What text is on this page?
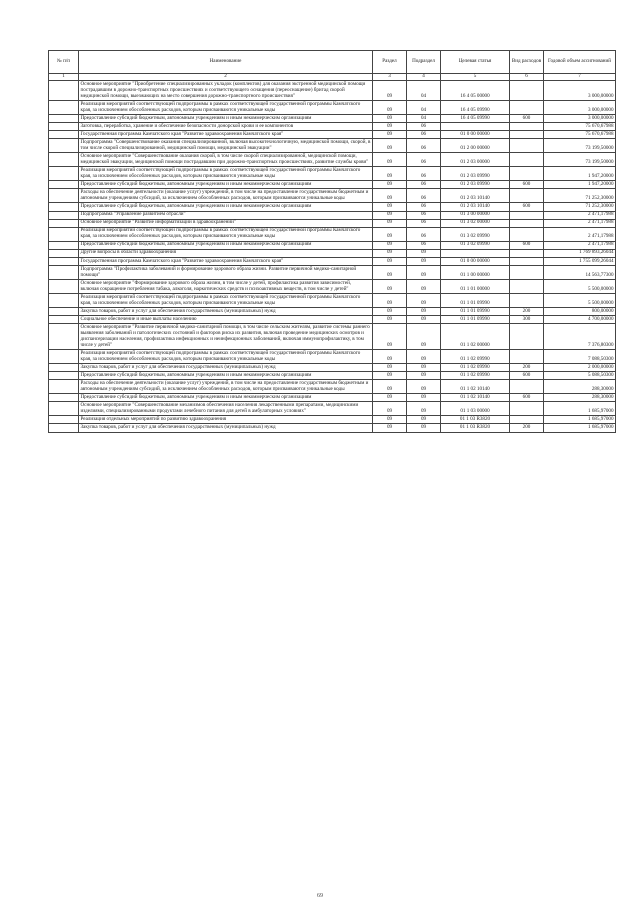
№ п/п	Наименование	Раздел	Подраздел	Целевая статья	Вид расходов	Годовой объем ассигнований
1	2	3	4	5	6	7
	Основное мероприятие "Приобретение специализированных укладок (комплектов) для оказания экстренной медицинской помощи пострадавшим в дорожно-транспортных происшествиях и соответствующего оснащения (переоснащение) бригад скорой медицинской помощи, выезжающих на место совершения дорожно-транспортного происшествия"	09	04	16 4 05 00000		3 000,00000
	Реализация мероприятий соответствующей подпрограммы в рамках соответствующей государственной программы Камчатского края, за исключением обособленных расходов, которым присваиваются уникальные коды	09	04	16 4 05 09990		3 000,00000
	Предоставление субсидий бюджетным, автономным учреждениям и иным некоммерческим организациям	09	04	16 4 05 09990	600	3 000,00000
	Заготовка, переработка, хранение и обеспечение безопасности донорской крови и ее компонентов	09	06			75 670,67988
	Государственная программа Камчатского края "Развитие здравоохранения Камчатского края"	09	06	01 0 00 00000		75 670,67988
	Подпрограмма "Совершенствование оказания специализированной, включая высокотехнологичную, медицинской помощи, скорой, в том числе скорой специализированной, медицинской помощи, медицинской эвакуации"	09	06	01 2 00 00000		73 199,50000
	Основное мероприятие "Совершенствование оказания скорой, в том числе скорой специализированной, медицинской помощи, медицинской эвакуации, медицинской помощи пострадавшим при дорожно-транспортных происшествиях, развитие службы крови"	09	06	01 2 03 00000		73 199,50000
	Реализация мероприятий соответствующей подпрограммы в рамках соответствующей государственной программы Камчатского края, за исключением обособленных расходов, которым присваиваются уникальные коды	09	06	01 2 03 09990		1 947,20000
	Предоставление субсидий бюджетным, автономным учреждениям и иным некоммерческим организациям	09	06	01 2 03 09990	600	1 947,20000
	Расходы на обеспечение деятельности (оказание услуг) учреждений, в том числе на предоставление государственным бюджетным и автономным учреждениям субсидий, за исключением обособленных расходов, которым присваиваются уникальные коды	09	06	01 2 03 10140		71 252,30000
	Предоставление субсидий бюджетным, автономным учреждениям и иным некоммерческим организациям	09	06	01 2 03 10140	600	71 252,30000
	Подпрограмма "Управление развитием отрасли"	09	06	01 3 00 00000		2 471,17988
	Основное мероприятие "Развитие информатизации в здравоохранении"	09	06	01 3 02 00000		2 471,17988
	Реализация мероприятий соответствующей подпрограммы в рамках соответствующей государственной программы Камчатского края, за исключением обособленных расходов, которым присваиваются уникальные коды	09	06	01 3 02 09990		2 471,17988
	Предоставление субсидий бюджетным, автономным учреждениям и иным некоммерческим организациям	09	06	01 3 02 09990	600	2 471,17988
	Другие вопросы в области здравоохранения	09	09			1 769 893,26044
	Государственная программа Камчатского края "Развитие здравоохранения Камчатского края"	09	09	01 0 00 00000		1 755 099,26044
	Подпрограмма "Профилактика заболеваний и формирование здорового образа жизни. Развитие первичной медико-санитарной помощи"	09	09	01 1 00 00000		14 563,77300
	Основное мероприятие "Формирование здорового образа жизни, в том числе у детей, профилактика развития зависимостей, включая сокращение потребления табака, алкоголя, наркотических средств и психоактивных веществ, в том числе у детей"	09	09	01 1 01 00000		5 500,00000
	Реализация мероприятий соответствующей подпрограммы в рамках соответствующей государственной программы Камчатского края, за исключением обособленных расходов, которым присваиваются уникальные коды	09	09	01 1 01 09990		5 500,00000
	Закупка товаров, работ и услуг для обеспечения государственных (муниципальных) нужд	09	09	01 1 01 09990	200	800,00000
	Социальное обеспечение и иные выплаты населению	09	09	01 1 01 09990	300	4 700,00000
	Основное мероприятие "Развитие первичной медико-санитарной помощи, в том числе сельским жителям, развитие системы раннего выявления заболеваний и патологических состояний и факторов риска их развития, включая проведение медицинских осмотров и диспансеризации населения, профилактика инфекционных и неинфекционных заболеваний, включая иммунопрофилактику, в том числе у детей"	09	09	01 1 02 00000		7 376,80300
	Реализация мероприятий соответствующей подпрограммы в рамках соответствующей государственной программы Камчатского края, за исключением обособленных расходов, которым присваиваются уникальные коды	09	09	01 1 02 09990		7 088,50300
	Закупка товаров, работ и услуг для обеспечения государственных (муниципальных) нужд	09	09	01 1 02 09990	200	2 000,00000
	Предоставление субсидий бюджетным, автономным учреждениям и иным некоммерческим организациям	09	09	01 1 02 09990	600	5 088,50300
	Расходы на обеспечение деятельности (оказание услуг) учреждений, в том числе на предоставление государственным бюджетным и автономным учреждениям субсидий, за исключением обособленных расходов, которым присваиваются уникальные коды	09	09	01 1 02 10140		288,30000
	Предоставление субсидий бюджетным, автономным учреждениям и иным некоммерческим организациям	09	09	01 1 02 10140	600	288,30000
	Основное мероприятие "Совершенствование механизмов обеспечения населения лекарственными препаратами, медицинскими изделиями, специализированными продуктами лечебного питания для детей в амбулаторных условиях"	09	09	01 1 03 00000		1 685,97000
	Реализация отдельных мероприятий по развитию здравоохранения	09	09	01 1 03 R3820		1 685,97000
	Закупка товаров, работ и услуг для обеспечения государственных (муниципальных) нужд	09	09	01 1 03 R3820	200	1 685,97000
69
